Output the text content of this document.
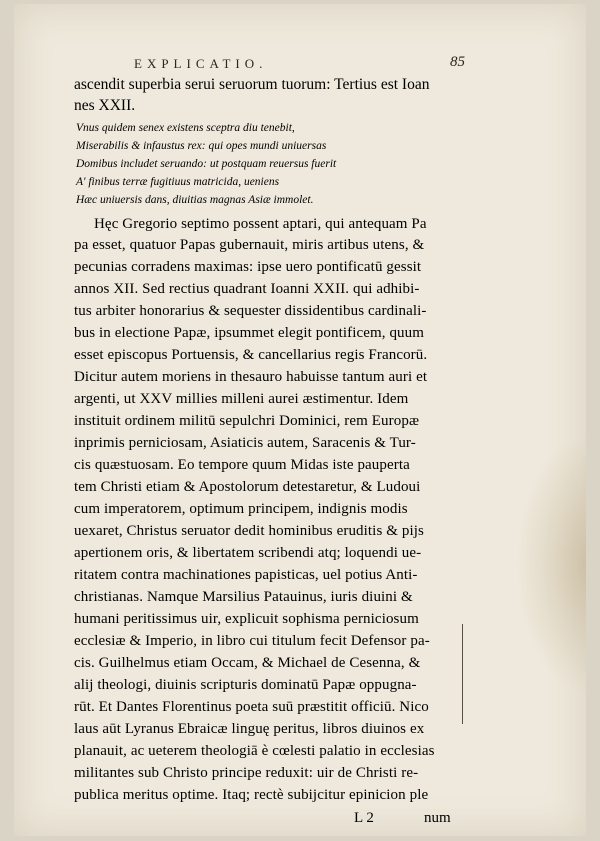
EXPLICATIO.	85
ascendit superbia serui seruorum tuorum: Tertius est Ioan
nes XXII.
Vnus quidem senex existens sceptra diu tenebit,
Miserabilis & infaustus rex: qui opes mundi uniuersas
Domibus includet seruando: ut postquam reuersus fuerit
A' finibus terræ fugitiuus matricida, ueniens
Hæc uniuersis dans, diuitias magnas Asiæ immolet.
Hęc Gregorio septimo possent aptari, qui antequam Pa
pa esset, quatuor Papas gubernauit, miris artibus utens, &
pecunias corradens maximas: ipse uero pontificatū gessit
annos XII. Sed rectius quadrant Ioanni XXII. qui adhibi-
tus arbiter honorarius & sequester dissidentibus cardinali-
bus in electione Papæ, ipsummet elegit pontificem, quum
esset episcopus Portuensis, & cancellarius regis Francorū.
Dicitur autem moriens in thesauro habuisse tantum auri et
argenti, ut XXV millies milleni aurei æstimentur. Idem
instituit ordinem militū sepulchri Dominici, rem Europæ
inprimis perniciosam, Asiaticis autem, Saracenis & Tur-
cis quæstuosam. Eo tempore quum Midas iste pauperta
tem Christi etiam & Apostolorum detestaretur, & Ludoui
cum imperatorem, optimum principem, indignis modis
uexaret, Christus seruator dedit hominibus eruditis & pijs
apertionem oris, & libertatem scribendi atq; loquendi ue-
ritatem contra machinationes papisticas, uel potius Anti-
christianas. Namque Marsilius Patauinus, iuris diuini &
humani peritissimus uir, explicuit sophisma perniciosum
ecclesiæ & Imperio, in libro cui titulum fecit Defensor pa-
cis. Guilhelmus etiam Occam, & Michael de Cesenna, &
alij theologi, diuinis scripturis dominatū Papæ oppugna-
rūt. Et Dantes Florentinus poeta suū præstitit officiū. Nico
laus aūt Lyranus Ebraicæ linguę peritus, libros diuinos ex
planauit, ac ueterem theologiā è cœlesti palatio in ecclesias
militantes sub Christo principe reduxit: uir de Christi re-
publica meritus optime. Itaq; rectè subijcitur epinicion ple
L 2	num
